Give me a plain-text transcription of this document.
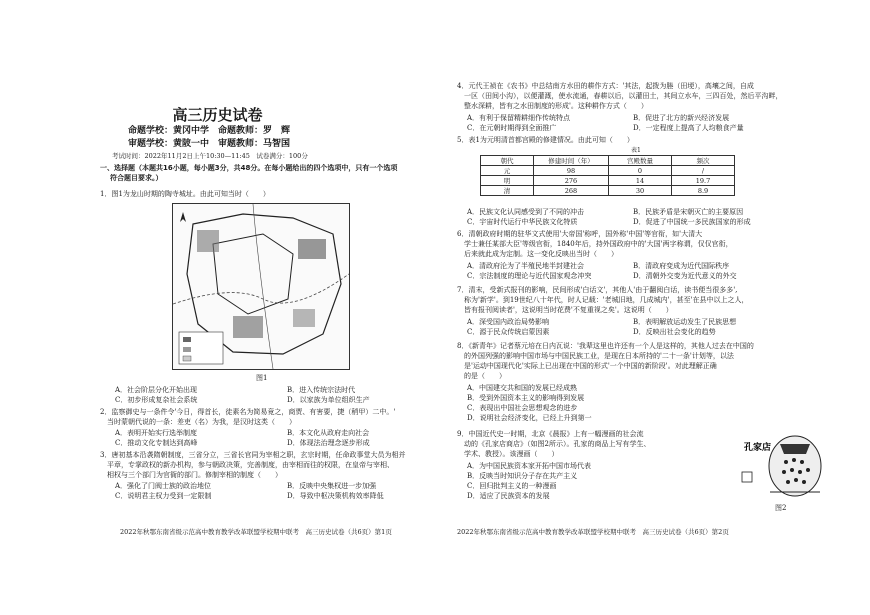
高三历史试卷
命题学校：黄冈中学　命题教师：罗　辉
审题学校：黄陂一中　审题教师：马智国
考试时间：2022年11月2日上午10:30—11:45　试卷满分：100分
一、选择题（本题共16小题，每小题3分，共48分。在每小题给出的四个选项中，只有一个选项
符合题目要求。）
1．图1为龙山时期的陶寺城址。由此可知当时（　　）
图1
A．社会阶层分化开始出现	B．进入传统宗法时代
C．初步形成复杂社会系统	D．以家族为单位组织生产
2．监察御史与一条件令'今日，得首长，徒素名为简易竟之，商贾、有害要，捷（稍甲）二中。'
　当时蒙朝代说的一条：差吏（名）为我，是汉时这类（　　）
A．表明开始实行选举制度	B．本文化从政府走向社会
C．推动文化专制达到高峰	D．体现法治理念逐步形成
3．唐初基本沿袭隋朝制度，三省分立，三省长官同为宰相之职，玄宗时期，任命政事堂大员为相并
　平章，专掌政权的新办机构，参与朝政决策，完善制度，由宰相而往的权限，在皇帝与宰相、
　相权与三个部门为官衙的部门。修制宰相的制度（　　）
A．强化了门阀士族的政治地位	B．反映中央集权进一步加强
C．说明君主权力受到一定限制	D．导致中枢决策机构效率降低
2022年秋鄂东南省级示范高中教育教学改革联盟学校期中联考　高三历史试卷（共6页）第1页
4．元代王祯在《农书》中总结南方水田的耕作方式：'其法，起拨为塍（田埂），高壤之间，自成
　一区（田间小沟），以便灌溉，使水流通，春耕以后，以灌田土，其间立水车，三四百处，然后平沟畔，
　整水深耕，皆有之水田制度的形成'。这种耕作方式（　　）
A．有利于保留精耕细作传统特点	B．促进了北方的新兴经济发展
C．在元朝时期得到全面推广	D．一定程度上提高了人均粮食产量
5．表1为元明清首都宫殿的修建情况。由此可知（　　）
表1
朝代	修建时间（年）	宫殿数量	频次
元	98	0	/
明	276	14	19.7
清	268	30	8.9
A．民族文化认同感受到了不同的冲击	B．民族矛盾是宋朝灭亡的主要原因
C．宇宙时代运行中华民族文化特质	D．促进了中国统一多民族国家的形成
6．清朝政府时期的驻华文式使用'大帝国'称呼，国外称'中国'等官衔，如'大清大
　学士兼任某部大臣'等级官衔，1840年后，持外国政府中的'大国'两字称谓，仅仅官衔，
　后来就此成为定制。这一变化反映出当时（　　）
A．清政府沦为了半殖民地半封建社会	B．清政府变成为近代国际秩序
C．宗法制度的理论与近代国家观念冲突	D．清朝外交变为近代意义的外交
7．清末，受新式报刊的影响，民间形成'白话文'，其他人'由于翻阅白话，读书便当很多多',
　称为'新学'。到19世纪八十年代，时人记载：'老城旧地，几成城内'，甚至'在县中以上之人，
　皆有报刊阅读者'，这说明当时花费'不复重视之矣'。这说明（　　）
A．深受国内政治局势影响	B．表明解放运动发生了民族思想
C．源于民众传统启蒙因素	D．反映出社会变化的趋势
8．《新青年》记者蔡元培在日内瓦说：'我辈这里也许还有一个人是这样的，其他人过去在中国的
　的外国列强的影响中国市场与中国民族工业，是现在日本所持的'二十一条'计划等，以法
　是'运动中国现代化'实际上已出现在中国的形式'一个中国的新阶段'。对此理解正确
　的是（　　）
A．中国建交共和国的发展已经成熟
B．受到外国资本主义的影响得到发展
C．表现出中国社会思想观念的进步
D．说明社会经济变化，已经上升到第一
9．中国近代史一时期，北京《晨报》上有一幅漫画的社会流
　动的《孔家店商店》（如图2所示）。孔家的商品上写有学生、
　学术、教授）。该漫画（　　）
A．为中国民族资本家开拓中国市场代表
B．反映当时知识分子存在共产主义
C．回归批判主义的一种漫画
D．适应了民族资本的发展
2022年秋鄂东南省级示范高中教育教学改革联盟学校期中联考　高三历史试卷（共6页）第2页
孔家店
图2
